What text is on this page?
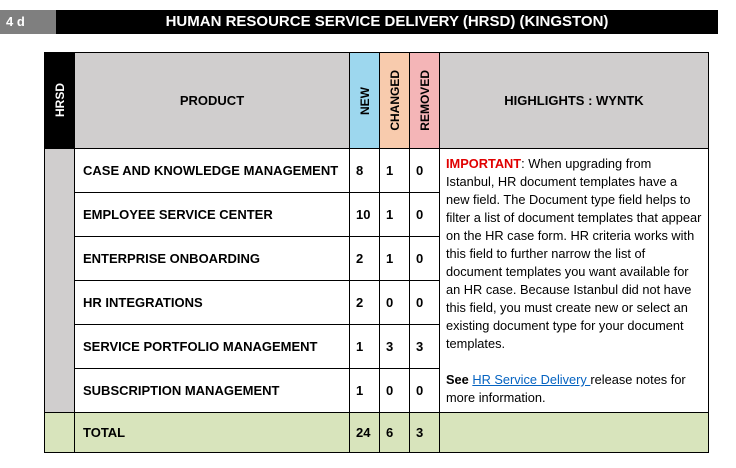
4 d	HUMAN RESOURCE SERVICE DELIVERY (HRSD) (KINGSTON)
HRSD	PRODUCT	NEW	CHANGED	REMOVED	HIGHLIGHTS : WYNTK
	CASE AND KNOWLEDGE MANAGEMENT	8	1	0	IMPORTANT: When upgrading from Istanbul, HR document templates have a new field. The Document type field helps to filter a list of document templates that appear on the HR case form. HR criteria works with this field to further narrow the list of document templates you want available for an HR case. Because Istanbul did not have this field, you must create new or select an existing document type for your document templates.
See HR Service Delivery release notes for more information.

	EMPLOYEE SERVICE CENTER	10	1	0	
	ENTERPRISE ONBOARDING	2	1	0	
	HR INTEGRATIONS	2	0	0	
	SERVICE PORTFOLIO MANAGEMENT	1	3	3	
	SUBSCRIPTION MANAGEMENT	1	0	0	
	TOTAL	24	6	3	
